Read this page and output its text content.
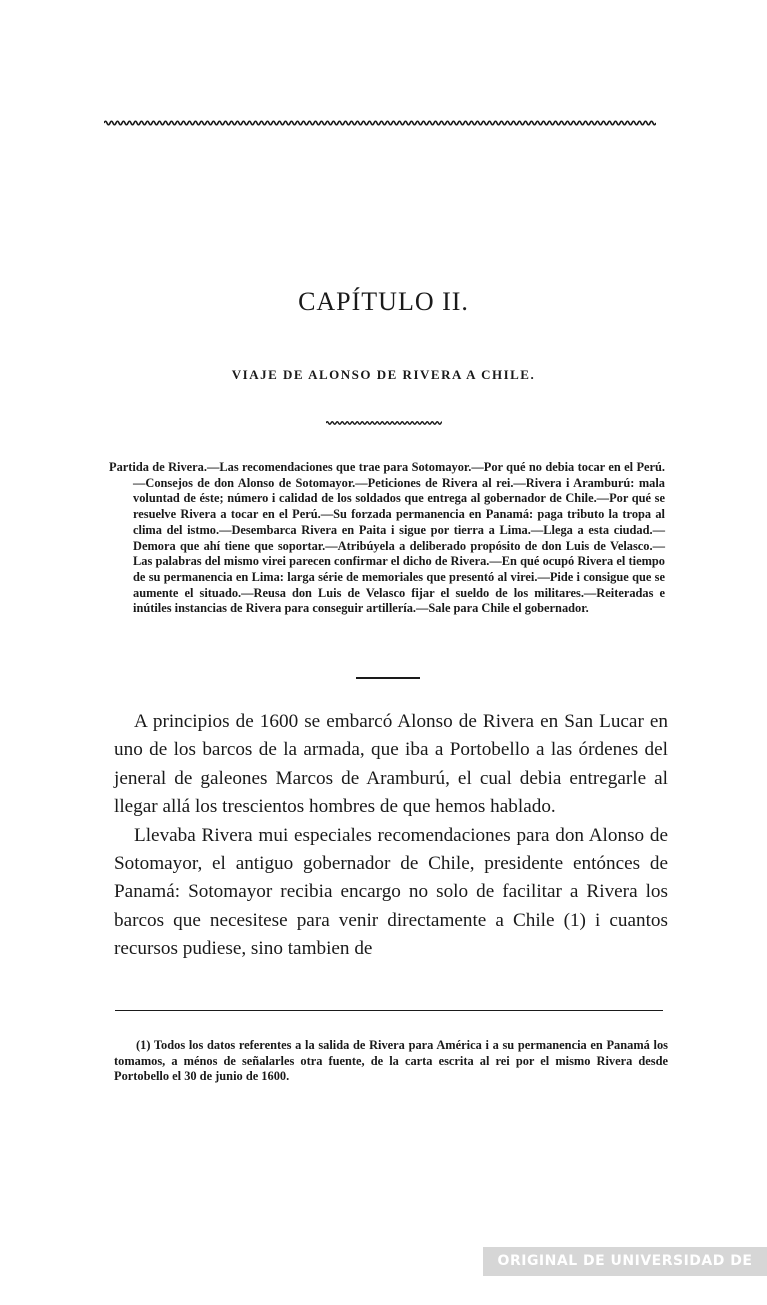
CAPÍTULO II.
VIAJE DE ALONSO DE RIVERA A CHILE.
Partida de Rivera.—Las recomendaciones que trae para Sotomayor.—Por qué no debia tocar en el Perú.—Consejos de don Alonso de Sotomayor.—Peticiones de Rivera al rei.—Rivera i Aramburú: mala voluntad de éste; número i calidad de los soldados que entrega al gobernador de Chile.—Por qué se resuelve Rivera a tocar en el Perú.—Su forzada permanencia en Panamá: paga tributo la tropa al clima del istmo.—Desembarca Rivera en Paita i sigue por tierra a Lima.—Llega a esta ciudad.—Demora que ahí tiene que soportar.—Atribúyela a deliberado propósito de don Luis de Velasco.—Las palabras del mismo virei parecen confirmar el dicho de Rivera.—En qué ocupó Rivera el tiempo de su permanencia en Lima: larga série de memoriales que presentó al virei.—Pide i consigue que se aumente el situado.—Reusa don Luis de Velasco fijar el sueldo de los militares.—Reiteradas e inútiles instancias de Rivera para conseguir artillería.—Sale para Chile el gobernador.

A principios de 1600 se embarcó Alonso de Rivera en San Lucar en uno de los barcos de la armada, que iba a Portobello a las órdenes del jeneral de galeones Marcos de Aramburú, el cual debia entregarle al llegar allá los trescientos hombres de que hemos hablado.

Llevaba Rivera mui especiales recomendaciones para don Alonso de Sotomayor, el antiguo gobernador de Chile, presidente entónces de Panamá: Sotomayor recibia encargo no solo de facilitar a Rivera los barcos que necesitese para venir directamente a Chile (1) i cuantos recursos pudiese, sino tambien de

(1) Todos los datos referentes a la salida de Rivera para América i a su permanencia en Panamá los tomamos, a ménos de señalarles otra fuente, de la carta escrita al rei por el mismo Rivera desde Portobello el 30 de junio de 1600.

ORIGINAL DE UNIVERSIDAD DE CHILE
